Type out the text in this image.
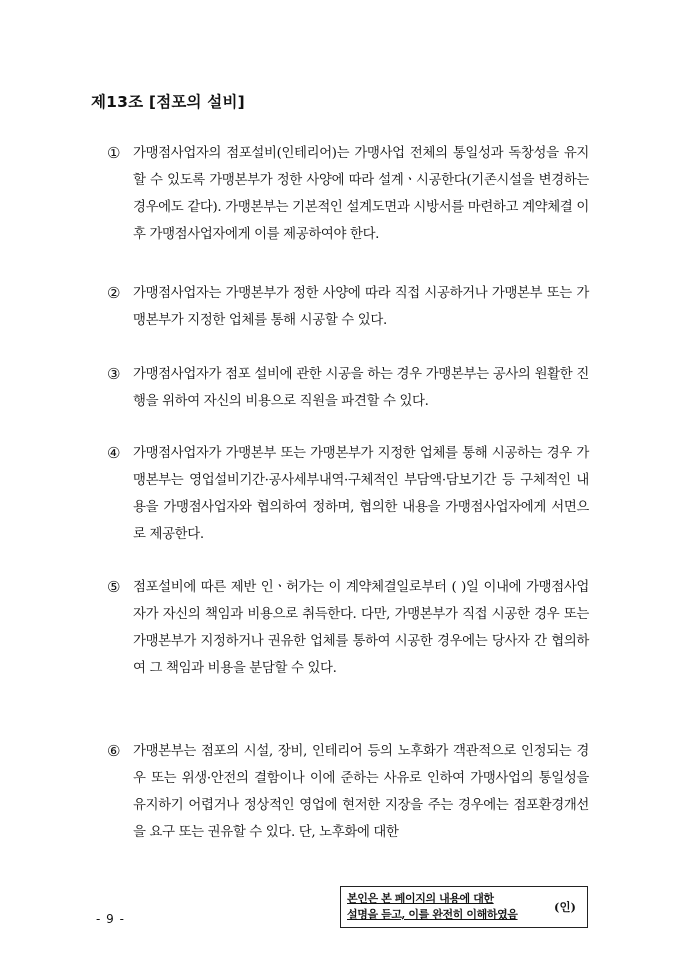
제13조 [점포의 설비]
① 가맹점사업자의 점포설비(인테리어)는 가맹사업 전체의 통일성과 독창성을 유지할 수 있도록 가맹본부가 정한 사양에 따라 설계ㆍ시공한다(기존시설을 변경하는 경우에도 같다). 가맹본부는 기본적인 설계도면과 시방서를 마련하고 계약체결 이후 가맹점사업자에게 이를 제공하여야 한다.
② 가맹점사업자는 가맹본부가 정한 사양에 따라 직접 시공하거나 가맹본부 또는 가맹본부가 지정한 업체를 통해 시공할 수 있다.
③ 가맹점사업자가 점포 설비에 관한 시공을 하는 경우 가맹본부는 공사의 원활한 진행을 위하여 자신의 비용으로 직원을 파견할 수 있다.
④ 가맹점사업자가 가맹본부 또는 가맹본부가 지정한 업체를 통해 시공하는 경우 가맹본부는 영업설비기간·공사세부내역·구체적인 부담액·담보기간 등 구체적인 내용을 가맹점사업자와 협의하여 정하며, 협의한 내용을 가맹점사업자에게 서면으로 제공한다.
⑤ 점포설비에 따른 제반 인ㆍ허가는 이 계약체결일로부터 ( )일 이내에 가맹점사업자가 자신의 책임과 비용으로 취득한다. 다만, 가맹본부가 직접 시공한 경우 또는 가맹본부가 지정하거나 권유한 업체를 통하여 시공한 경우에는 당사자 간 협의하여 그 책임과 비용을 분담할 수 있다.
⑥ 가맹본부는 점포의 시설, 장비, 인테리어 등의 노후화가 객관적으로 인정되는 경우 또는 위생·안전의 결함이나 이에 준하는 사유로 인하여 가맹사업의 통일성을 유지하기 어렵거나 정상적인 영업에 현저한 지장을 주는 경우에는 점포환경개선을 요구 또는 권유할 수 있다. 단, 노후화에 대한
- 9 -
본인은 본 페이지의 내용에 대한
설명을 듣고, 이를 완전히 이해하였음
(인)
